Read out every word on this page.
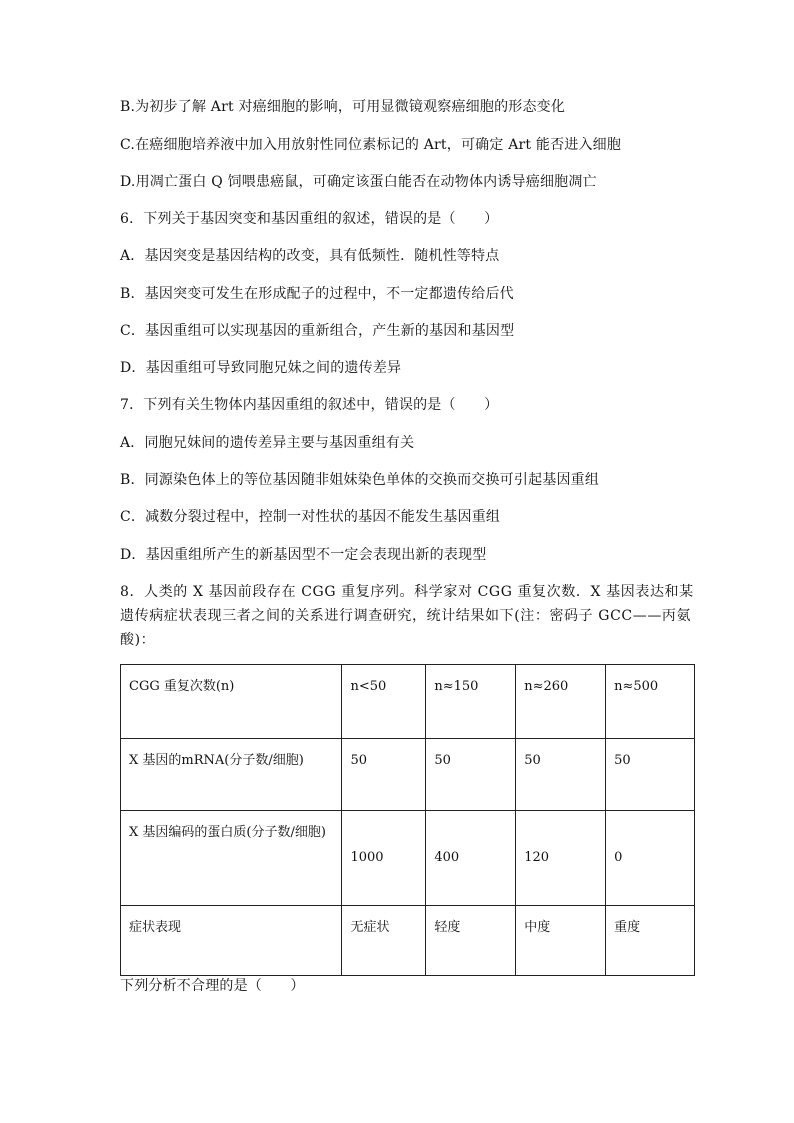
B.为初步了解 Art 对癌细胞的影响，可用显微镜观察癌细胞的形态变化
C.在癌细胞培养液中加入用放射性同位素标记的 Art，可确定 Art 能否进入细胞
D.用凋亡蛋白 Q 饲喂患癌鼠，可确定该蛋白能否在动物体内诱导癌细胞凋亡
6．下列关于基因突变和基因重组的叙述，错误的是（　　）
A．基因突变是基因结构的改变，具有低频性．随机性等特点
B．基因突变可发生在形成配子的过程中，不一定都遗传给后代
C．基因重组可以实现基因的重新组合，产生新的基因和基因型
D．基因重组可导致同胞兄妹之间的遗传差异
7．下列有关生物体内基因重组的叙述中，错误的是（　　）
A．同胞兄妹间的遗传差异主要与基因重组有关
B．同源染色体上的等位基因随非姐妹染色单体的交换而交换可引起基因重组
C．减数分裂过程中，控制一对性状的基因不能发生基因重组
D．基因重组所产生的新基因型不一定会表现出新的表现型
8．人类的 X 基因前段存在 CGG 重复序列。科学家对 CGG 重复次数．X 基因表达和某遗传病症状表现三者之间的关系进行调查研究，统计结果如下(注：密码子 GCC——丙氨酸)：
CGG 重复次数(n)	n<50	n≈150	n≈260	n≈500
X 基因的mRNA(分子数/细胞)	50	50	50	50
X 基因编码的蛋白质(分子数/细胞)	1000	400	120	0
症状表现	无症状	轻度	中度	重度
下列分析不合理的是（　　）
